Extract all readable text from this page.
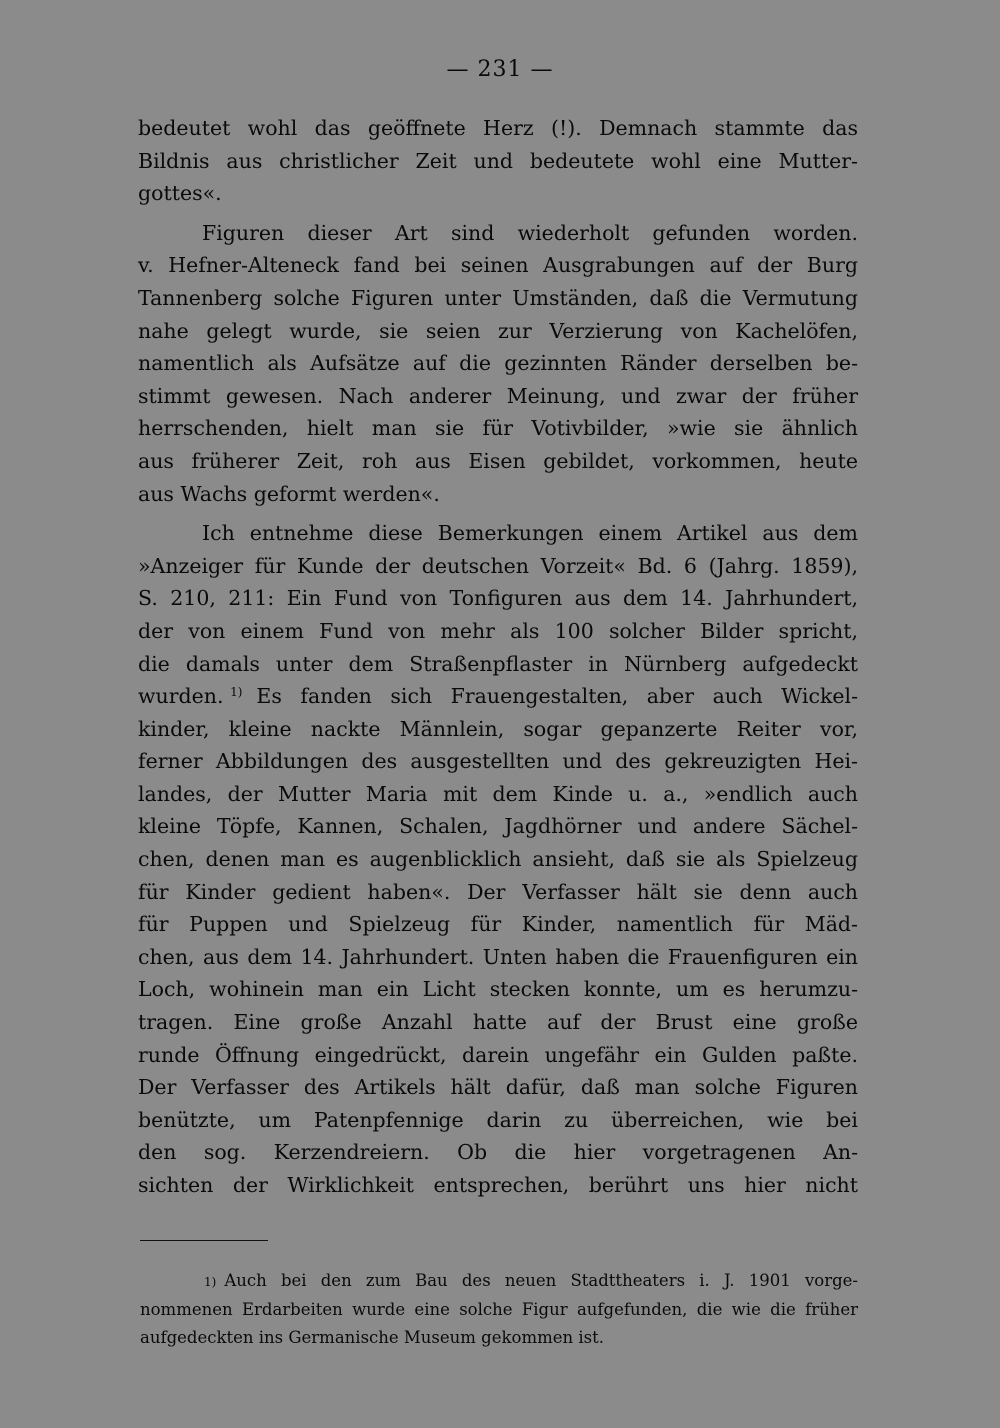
— 231 —
bedeutet wohl das geöffnete Herz (!). Demnach stammte das
Bildnis aus christlicher Zeit und bedeutete wohl eine Mutter-
gottes«.
Figuren dieser Art sind wiederholt gefunden worden.
v. Hefner-Alteneck fand bei seinen Ausgrabungen auf der Burg
Tannenberg solche Figuren unter Umständen, daß die Vermutung
nahe gelegt wurde, sie seien zur Verzierung von Kachelöfen,
namentlich als Aufsätze auf die gezinnten Ränder derselben be-
stimmt gewesen. Nach anderer Meinung, und zwar der früher
herrschenden, hielt man sie für Votivbilder, »wie sie ähnlich
aus früherer Zeit, roh aus Eisen gebildet, vorkommen, heute
aus Wachs geformt werden«.
Ich entnehme diese Bemerkungen einem Artikel aus dem
»Anzeiger für Kunde der deutschen Vorzeit« Bd. 6 (Jahrg. 1859),
S. 210, 211: Ein Fund von Tonfiguren aus dem 14. Jahrhundert,
der von einem Fund von mehr als 100 solcher Bilder spricht,
die damals unter dem Straßenpflaster in Nürnberg aufgedeckt
wurden. $^{1)}$ Es fanden sich Frauengestalten, aber auch Wickel-
kinder, kleine nackte Männlein, sogar gepanzerte Reiter vor,
ferner Abbildungen des ausgestellten und des gekreuzigten Hei-
landes, der Mutter Maria mit dem Kinde u. a., »endlich auch
kleine Töpfe, Kannen, Schalen, Jagdhörner und andere Sächel-
chen, denen man es augenblicklich ansieht, daß sie als Spielzeug
für Kinder gedient haben«. Der Verfasser hält sie denn auch
für Puppen und Spielzeug für Kinder, namentlich für Mäd-
chen, aus dem 14. Jahrhundert. Unten haben die Frauenfiguren ein
Loch, wohinein man ein Licht stecken konnte, um es herumzu-
tragen. Eine große Anzahl hatte auf der Brust eine große
runde Öffnung eingedrückt, darein ungefähr ein Gulden paßte.
Der Verfasser des Artikels hält dafür, daß man solche Figuren
benützte, um Patenpfennige darin zu überreichen, wie bei
den sog. Kerzendreiern. Ob die hier vorgetragenen An-
sichten der Wirklichkeit entsprechen, berührt uns hier nicht
1) Auch bei den zum Bau des neuen Stadttheaters i. J. 1901 vorge-
nommenen Erdarbeiten wurde eine solche Figur aufgefunden, die wie die früher
aufgedeckten ins Germanische Museum gekommen ist.
